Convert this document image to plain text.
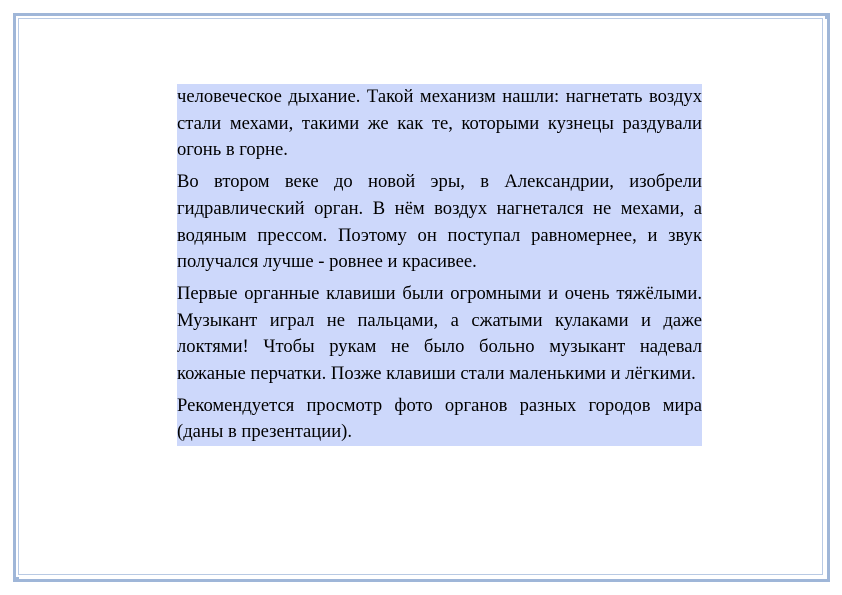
человеческое дыхание. Такой механизм нашли: нагнетать воздух стали мехами, такими же как те, которыми кузнецы раздували огонь в горне.

Во втором веке до новой эры, в Александрии, изобрели гидравлический орган. В нём воздух нагнетался не мехами, а водяным прессом. Поэтому он поступал равномернее, и звук получался лучше - ровнее и красивее.

Первые органные клавиши были огромными и очень тяжёлыми. Музыкант играл не пальцами, а сжатыми кулаками и даже локтями! Чтобы рукам не было больно музыкант надевал кожаные перчатки. Позже клавиши стали маленькими и лёгкими.

Рекомендуется просмотр фото органов разных городов мира (даны в презентации).
